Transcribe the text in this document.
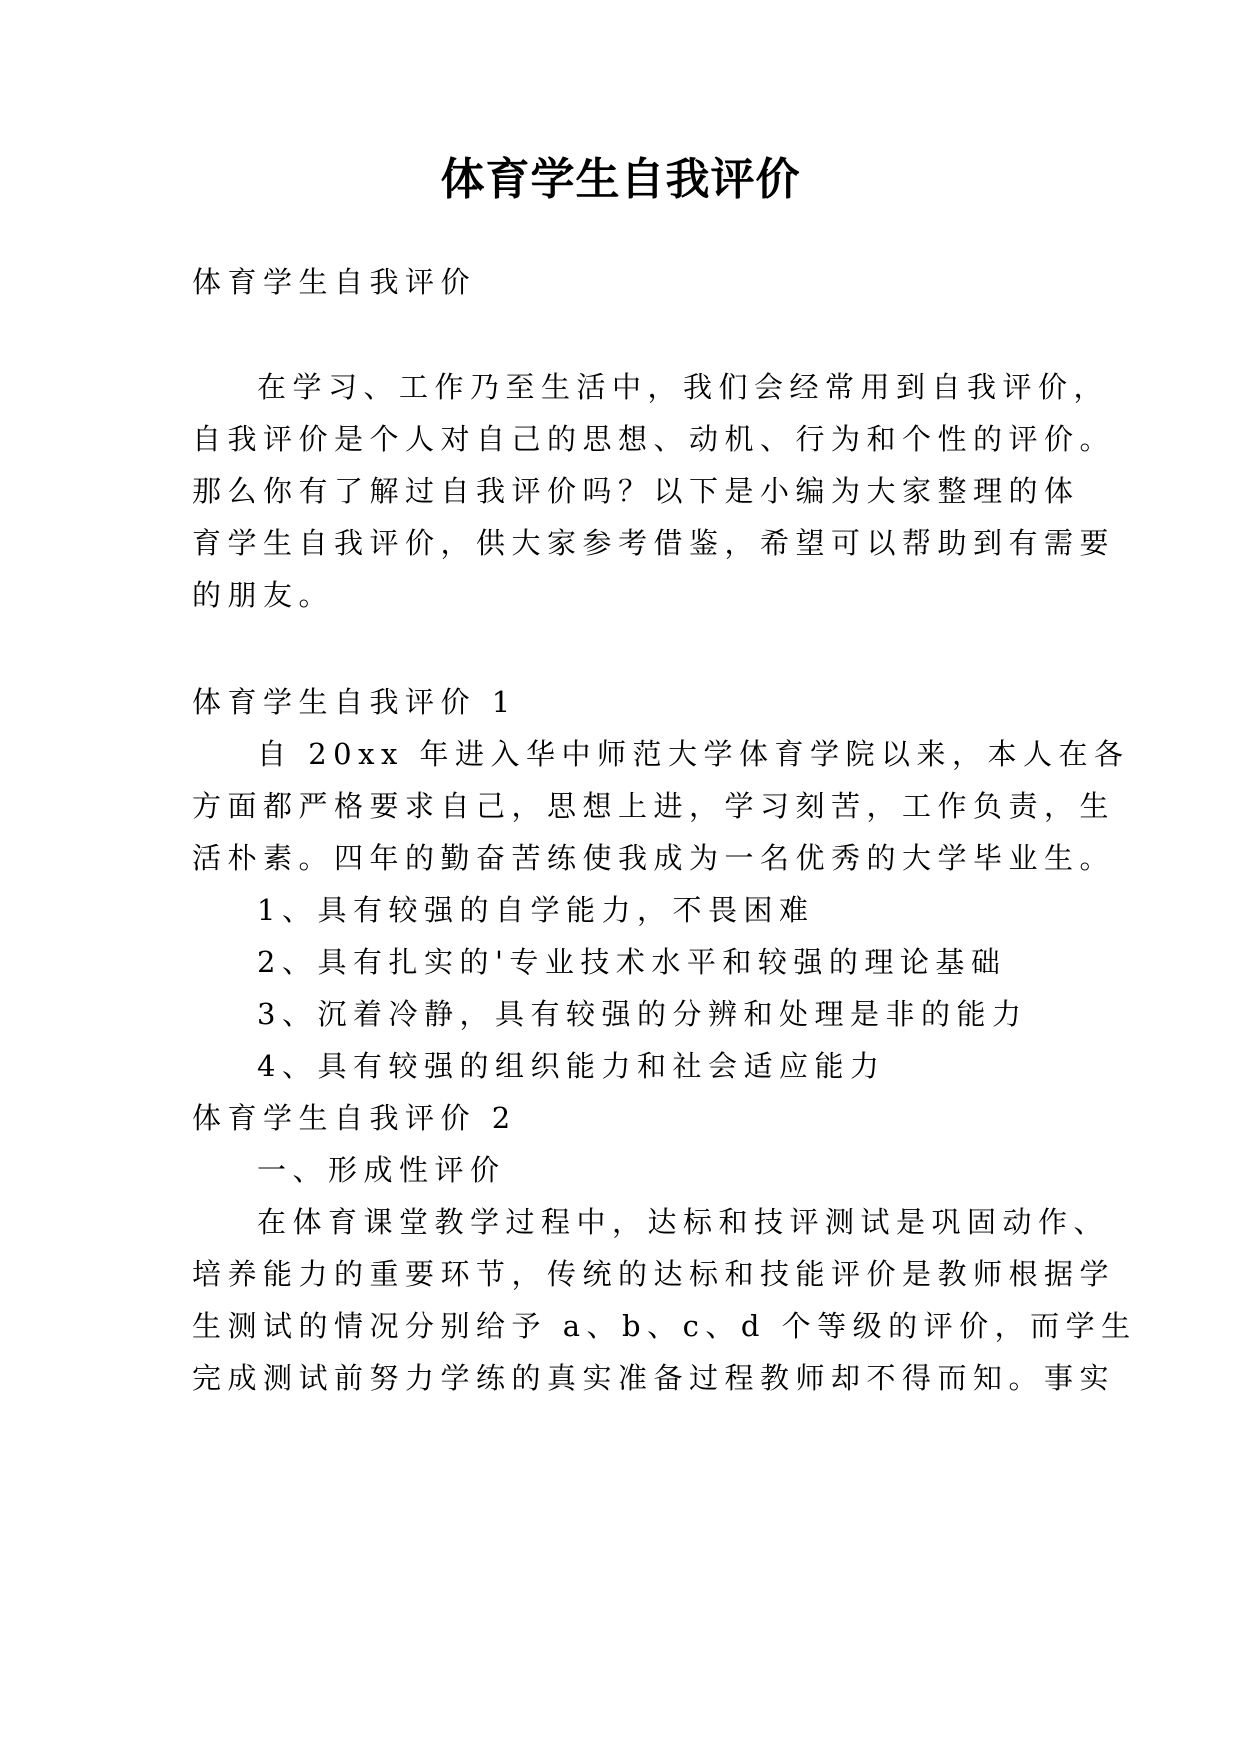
体育学生自我评价
体育学生自我评价
在学习、工作乃至生活中，我们会经常用到自我评价，
自我评价是个人对自己的思想、动机、行为和个性的评价。
那么你有了解过自我评价吗？以下是小编为大家整理的体
育学生自我评价，供大家参考借鉴，希望可以帮助到有需要
的朋友。
体育学生自我评价 1
自 20xx 年进入华中师范大学体育学院以来，本人在各
方面都严格要求自己，思想上进，学习刻苦，工作负责，生
活朴素。四年的勤奋苦练使我成为一名优秀的大学毕业生。
1、具有较强的自学能力，不畏困难
2、具有扎实的'专业技术水平和较强的理论基础
3、沉着冷静，具有较强的分辨和处理是非的能力
4、具有较强的组织能力和社会适应能力
体育学生自我评价 2
一、形成性评价
在体育课堂教学过程中，达标和技评测试是巩固动作、
培养能力的重要环节，传统的达标和技能评价是教师根据学
生测试的情况分别给予 a、b、c、d 个等级的评价，而学生
完成测试前努力学练的真实准备过程教师却不得而知。事实
